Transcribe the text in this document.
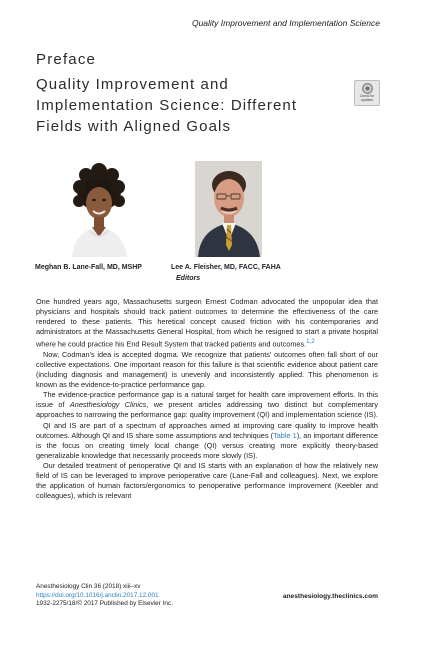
Quality Improvement and Implementation Science
Preface
Quality Improvement and
Implementation Science: Different
Fields with Aligned Goals
Check for
updates
Meghan B. Lane-Fall, MD, MSHP	Lee A. Fleisher, MD, FACC, FAHA
Editors

One hundred years ago, Massachusetts surgeon Ernest Codman advocated the unpopular idea that physicians and hospitals should track patient outcomes to determine the effectiveness of the care rendered to these patients. This heretical concept caused friction with his contemporaries and administrators at the Massachusetts General Hospital, from which he resigned to start a private hospital where he could practice his End Result System that tracked patients and outcomes.$^{1,2}$

Now, Codman's idea is accepted dogma. We recognize that patients' outcomes often fall short of our collective expectations. One important reason for this failure is that scientific evidence about patient care (including diagnosis and management) is unevenly and inconsistently applied. This phenomenon is known as the evidence-to-practice performance gap.

The evidence-practice performance gap is a natural target for health care improvement efforts. In this issue of Anesthesiology Clinics, we present articles addressing two distinct but complementary approaches to narrowing the performance gap: quality improvement (QI) and implementation science (IS).

QI and IS are part of a spectrum of approaches aimed at improving care quality to improve health outcomes. Although QI and IS share some assumptions and techniques (Table 1), an important difference is the focus on creating timely local change (QI) versus creating more explicitly theory-based generalizable knowledge that necessarily proceeds more slowly (IS).

Our detailed treatment of perioperative QI and IS starts with an explanation of how the relatively new field of IS can be leveraged to improve perioperative care (Lane-Fall and colleagues). Next, we explore the application of human factors/ergonomics to perioperative performance improvement (Keebler and colleagues), which is relevant

Anesthesiology Clin 36 (2018) xiii–xv
https://doi.org/10.1016/j.anclin.2017.12.001
1932-2275/18/© 2017 Published by Elsevier Inc.
anesthesiology.theclinics.com
